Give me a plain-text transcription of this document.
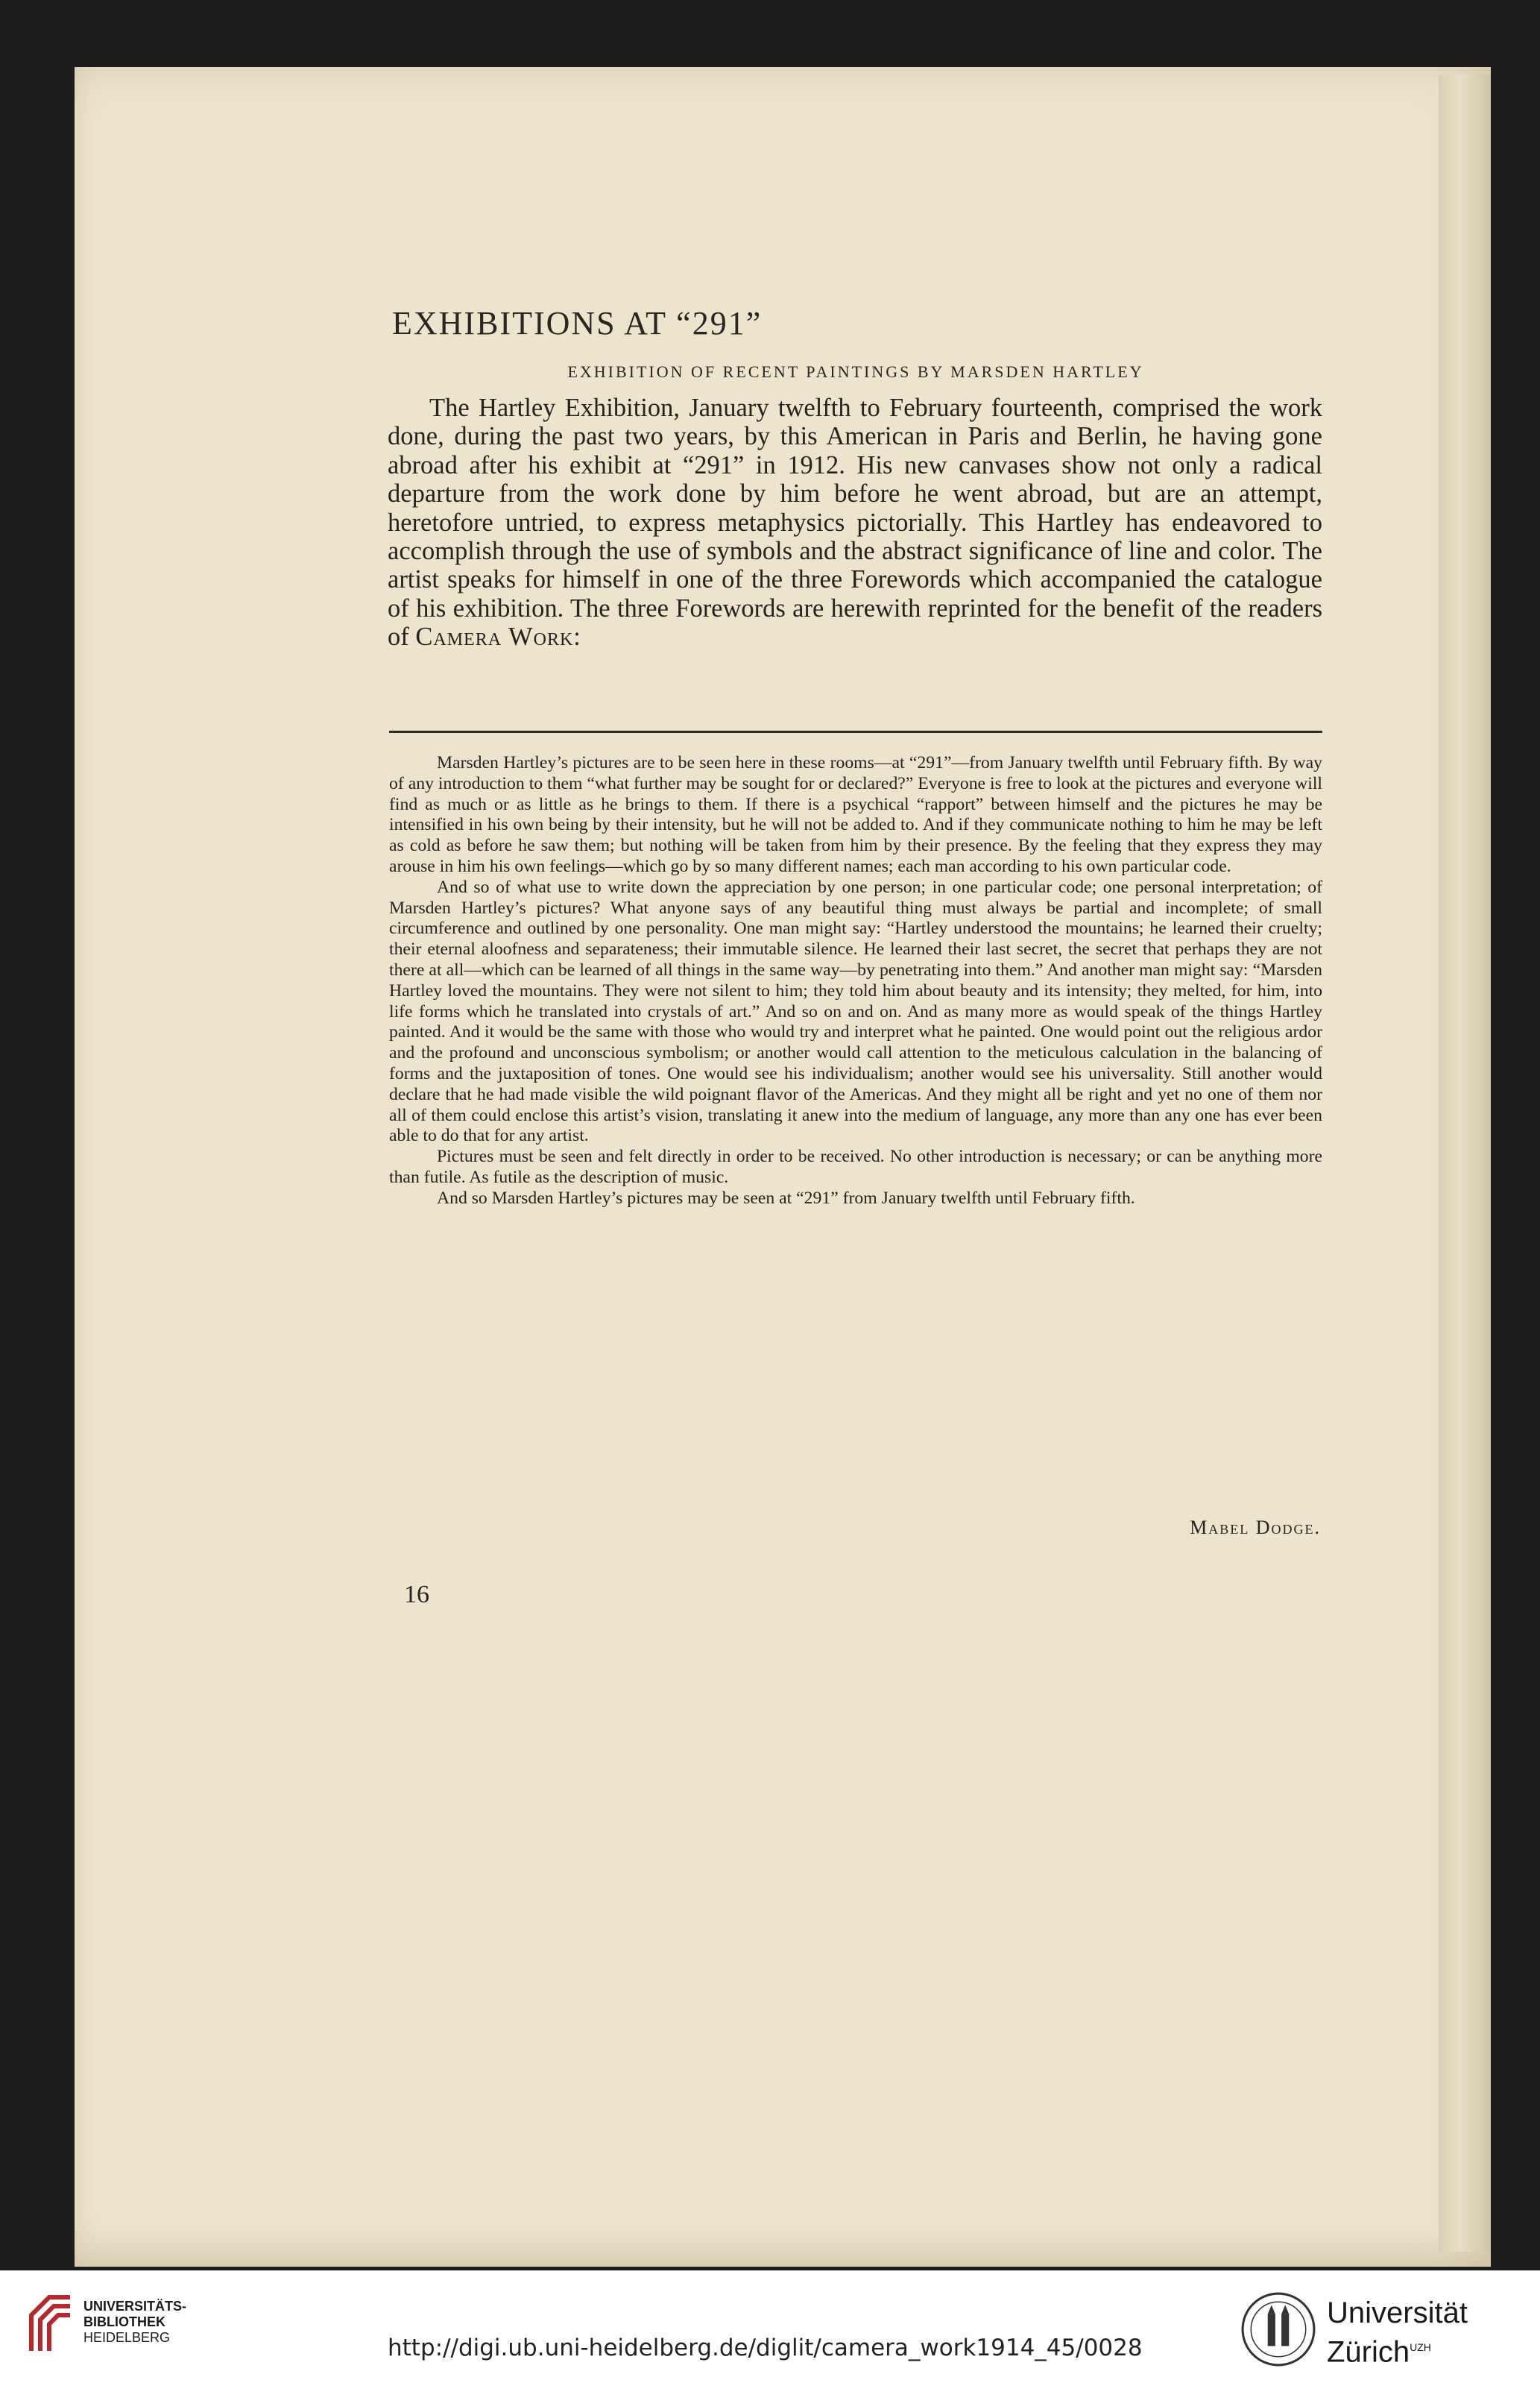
EXHIBITIONS AT “291”
EXHIBITION OF RECENT PAINTINGS BY MARSDEN HARTLEY

The Hartley Exhibition, January twelfth to February fourteenth, comprised the work done, during the past two years, by this American in Paris and Berlin, he having gone abroad after his exhibit at “291” in 1912. His new canvases show not only a radical departure from the work done by him before he went abroad, but are an attempt, heretofore untried, to express metaphysics pictorially. This Hartley has endeavored to accomplish through the use of symbols and the abstract significance of line and color. The artist speaks for himself in one of the three Forewords which accompanied the catalogue of his exhibition. The three Forewords are herewith reprinted for the benefit of the readers of Camera Work:

Marsden Hartley’s pictures are to be seen here in these rooms—at “291”—from January twelfth until February fifth. By way of any introduction to them “what further may be sought for or declared?” Everyone is free to look at the pictures and everyone will find as much or as little as he brings to them. If there is a psychical “rapport” between himself and the pictures he may be intensified in his own being by their intensity, but he will not be added to. And if they communicate nothing to him he may be left as cold as before he saw them; but nothing will be taken from him by their presence. By the feeling that they express they may arouse in him his own feelings—which go by so many different names; each man according to his own particular code.

And so of what use to write down the appreciation by one person; in one particular code; one personal interpretation; of Marsden Hartley’s pictures? What anyone says of any beautiful thing must always be partial and incomplete; of small circumference and outlined by one personality. One man might say: “Hartley understood the mountains; he learned their cruelty; their eternal aloofness and separateness; their immutable silence. He learned their last secret, the secret that perhaps they are not there at all—which can be learned of all things in the same way—by penetrating into them.” And another man might say: “Marsden Hartley loved the mountains. They were not silent to him; they told him about beauty and its intensity; they melted, for him, into life forms which he translated into crystals of art.” And so on and on. And as many more as would speak of the things Hartley painted. And it would be the same with those who would try and interpret what he painted. One would point out the religious ardor and the profound and unconscious symbolism; or another would call attention to the meticulous calculation in the balancing of forms and the juxtaposition of tones. One would see his individualism; another would see his universality. Still another would declare that he had made visible the wild poignant flavor of the Americas. And they might all be right and yet no one of them nor all of them could enclose this artist’s vision, translating it anew into the medium of language, any more than any one has ever been able to do that for any artist.

Pictures must be seen and felt directly in order to be received. No other introduction is necessary; or can be anything more than futile. As futile as the description of music.

And so Marsden Hartley’s pictures may be seen at “291” from January twelfth until February fifth.

Mabel Dodge.
16
UNIVERSITÄTS-
BIBLIOTHEK
HEIDELBERG	http://digi.ub.uni-heidelberg.de/diglit/camera_work1914_45/0028
Universität
Zürich$^{UZH}$
